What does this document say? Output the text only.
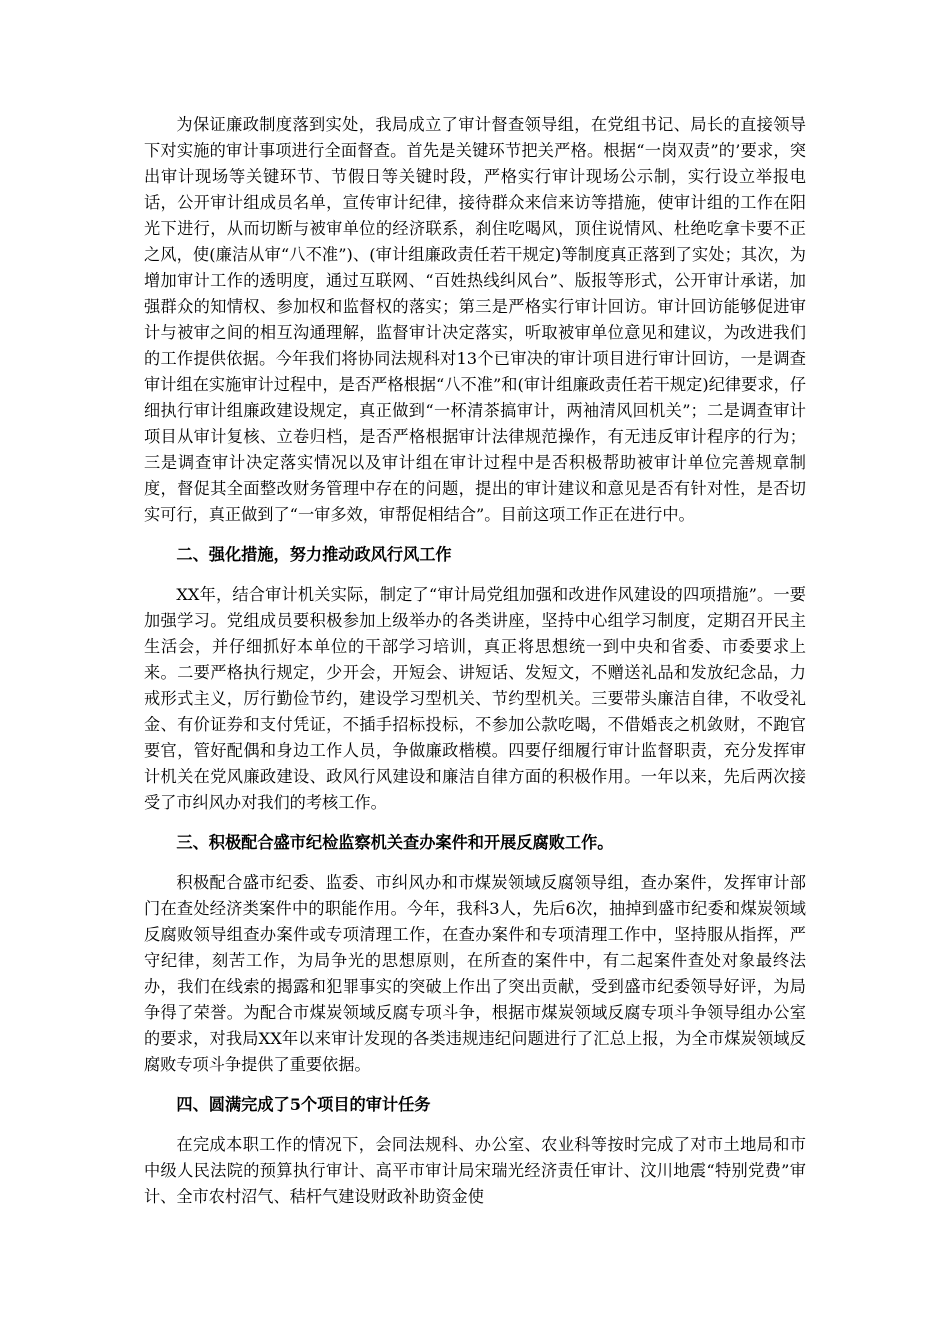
为保证廉政制度落到实处，我局成立了审计督查领导组，在党组书记、局长的直接领导下对实施的审计事项进行全面督查。首先是关键环节把关严格。根据“一岗双责”的’要求，突出审计现场等关键环节、节假日等关键时段，严格实行审计现场公示制，实行设立举报电话，公开审计组成员名单，宣传审计纪律，接待群众来信来访等措施，使审计组的工作在阳光下进行，从而切断与被审单位的经济联系，刹住吃喝风，顶住说情风、杜绝吃拿卡要不正之风，使(廉洁从审“八不准”)、(审计组廉政责任若干规定)等制度真正落到了实处；其次，为增加审计工作的透明度，通过互联网、“百姓热线纠风台”、版报等形式，公开审计承诺，加强群众的知情权、参加权和监督权的落实；第三是严格实行审计回访。审计回访能够促进审计与被审之间的相互沟通理解，监督审计决定落实，听取被审单位意见和建议，为改进我们的工作提供依据。今年我们将协同法规科对13个已审决的审计项目进行审计回访，一是调查审计组在实施审计过程中，是否严格根据“八不准”和(审计组廉政责任若干规定)纪律要求，仔细执行审计组廉政建设规定，真正做到“一杯清茶搞审计，两袖清风回机关”；二是调查审计项目从审计复核、立卷归档，是否严格根据审计法律规范操作，有无违反审计程序的行为；三是调查审计决定落实情况以及审计组在审计过程中是否积极帮助被审计单位完善规章制度，督促其全面整改财务管理中存在的问题，提出的审计建议和意见是否有针对性，是否切实可行，真正做到了“一审多效，审帮促相结合”。目前这项工作正在进行中。

二、强化措施，努力推动政风行风工作

XX年，结合审计机关实际，制定了“审计局党组加强和改进作风建设的四项措施”。一要加强学习。党组成员要积极参加上级举办的各类讲座，坚持中心组学习制度，定期召开民主生活会，并仔细抓好本单位的干部学习培训，真正将思想统一到中央和省委、市委要求上来。二要严格执行规定，少开会，开短会、讲短话、发短文，不赠送礼品和发放纪念品，力戒形式主义，厉行勤俭节约，建设学习型机关、节约型机关。三要带头廉洁自律，不收受礼金、有价证券和支付凭证，不插手招标投标，不参加公款吃喝，不借婚丧之机敛财，不跑官要官，管好配偶和身边工作人员，争做廉政楷模。四要仔细履行审计监督职责，充分发挥审计机关在党风廉政建设、政风行风建设和廉洁自律方面的积极作用。一年以来，先后两次接受了市纠风办对我们的考核工作。

三、积极配合盛市纪检监察机关查办案件和开展反腐败工作。

积极配合盛市纪委、监委、市纠风办和市煤炭领域反腐领导组，查办案件，发挥审计部门在查处经济类案件中的职能作用。今年，我科3人，先后6次，抽掉到盛市纪委和煤炭领域反腐败领导组查办案件或专项清理工作，在查办案件和专项清理工作中，坚持服从指挥，严守纪律，刻苦工作，为局争光的思想原则，在所查的案件中，有二起案件查处对象最终法办，我们在线索的揭露和犯罪事实的突破上作出了突出贡献，受到盛市纪委领导好评，为局争得了荣誉。为配合市煤炭领域反腐专项斗争，根据市煤炭领域反腐专项斗争领导组办公室的要求，对我局XX年以来审计发现的各类违规违纪问题进行了汇总上报，为全市煤炭领域反腐败专项斗争提供了重要依据。

四、圆满完成了5个项目的审计任务

在完成本职工作的情况下，会同法规科、办公室、农业科等按时完成了对市土地局和市中级人民法院的预算执行审计、高平市审计局宋瑞光经济责任审计、汶川地震“特别党费”审计、全市农村沼气、秸杆气建设财政补助资金使
